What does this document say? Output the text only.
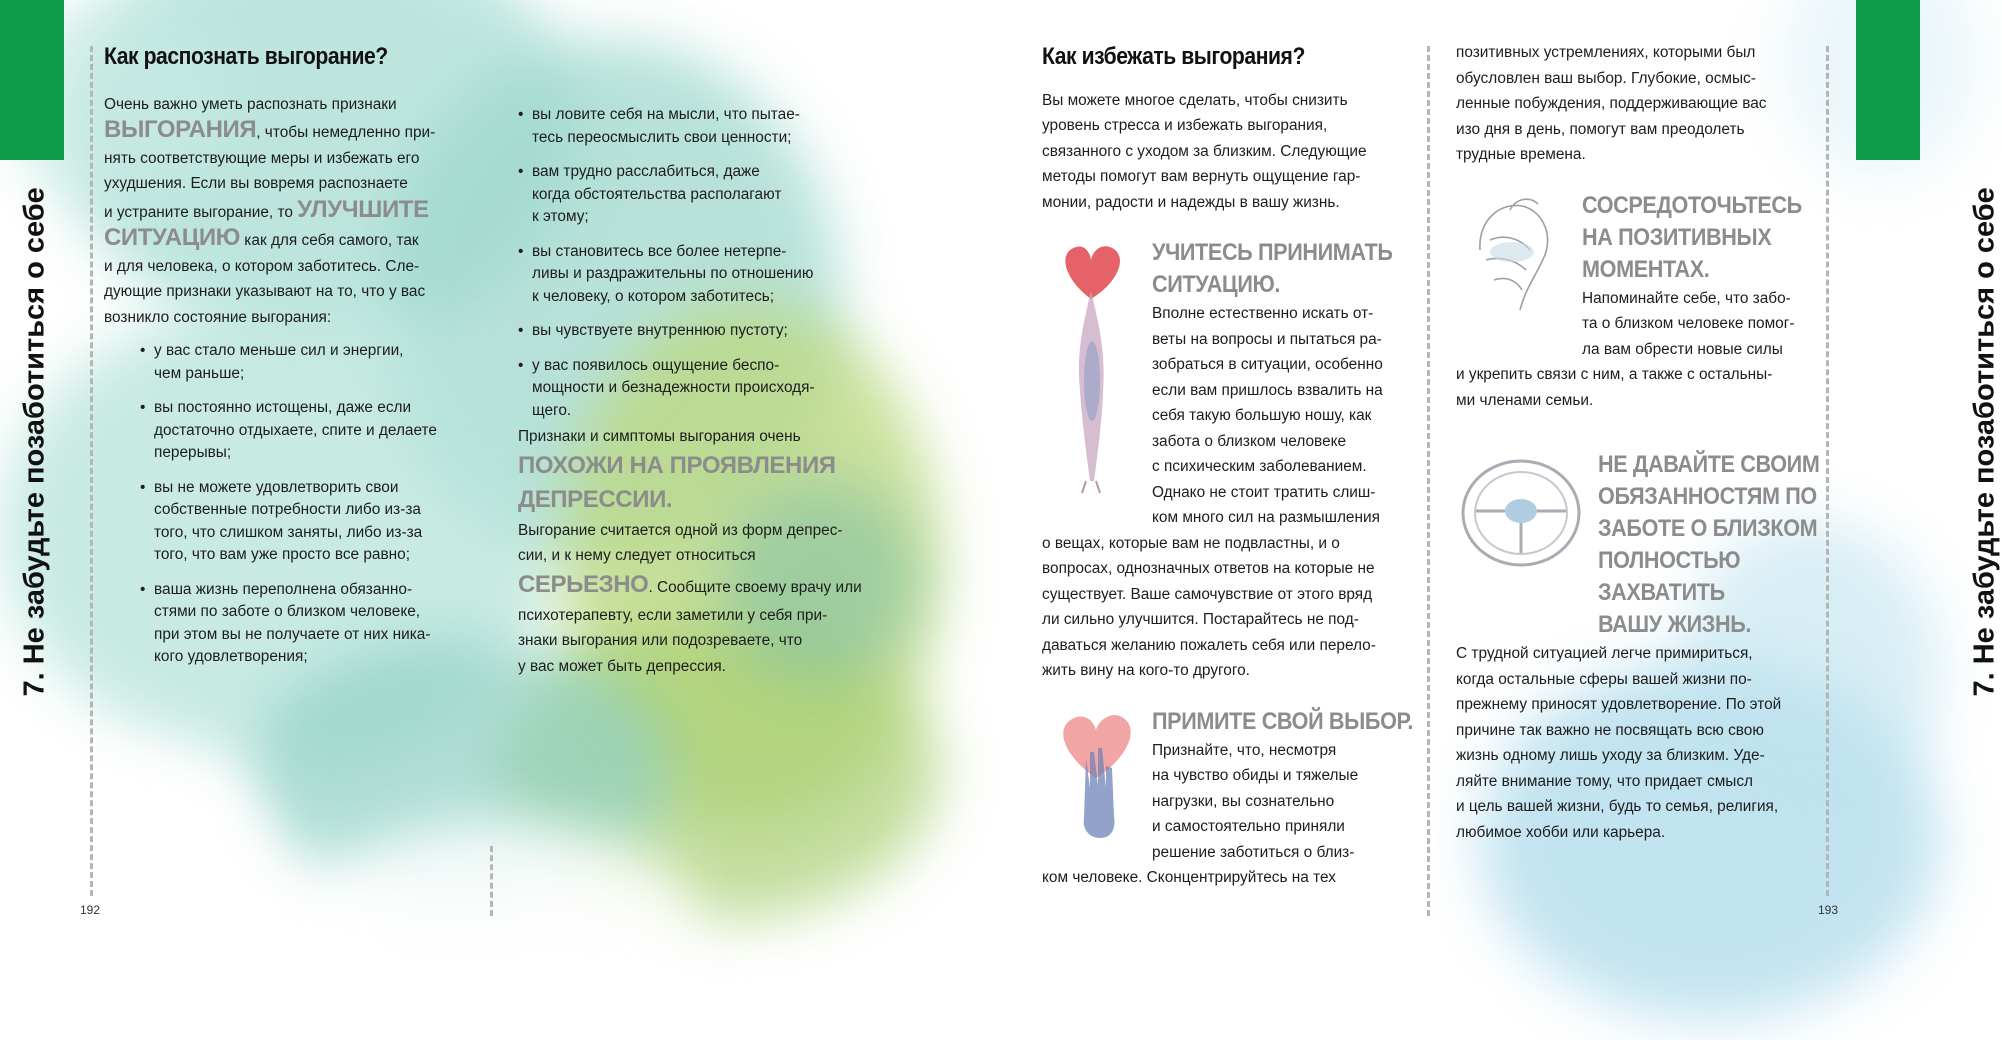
7. Не забудьте позаботиться о себе
Как распознать выгорание?

Очень важно уметь распознать признаки

ВЫГОРАНИЯ, чтобы немедленно при-

нять соответствующие меры и избежать его

ухудшения. Если вы вовремя распознаете

и устраните выгорание, то УЛУЧШИТЕ

СИТУАЦИЮ как для себя самого, так

и для человека, о котором заботитесь. Сле-

дующие признаки указывают на то, что у вас

возникло состояние выгорания:

• у вас стало меньше сил и энергии,
чем раньше;
• вы постоянно истощены, даже если
достаточно отдыхаете, спите и делаете
перерывы;
• вы не можете удовлетворить свои
собственные потребности либо из-за
того, что слишком заняты, либо из-за
того, что вам уже просто все равно;
• ваша жизнь переполнена обязанно-
стями по заботе о близком человеке,
при этом вы не получаете от них ника-
кого удовлетворения;
• вы ловите себя на мысли, что пытае-
тесь переосмыслить свои ценности;
• вам трудно расслабиться, даже
когда обстоятельства располагают
к этому;
• вы становитесь все более нетерпе-
ливы и раздражительны по отношению
к человеку, о котором заботитесь;
• вы чувствуете внутреннюю пустоту;
• у вас появилось ощущение беспо-
мощности и безнадежности происходя-
щего.

Признаки и симптомы выгорания очень

ПОХОЖИ НА ПРОЯВЛЕНИЯ

ДЕПРЕССИИ.

Выгорание считается одной из форм депрес-

сии, и к нему следует относиться

СЕРЬЕЗНО. Сообщите своему врачу или

психотерапевту, если заметили у себя при-

знаки выгорания или подозреваете, что

у вас может быть депрессия.

192
Как избежать выгорания?

Вы можете многое сделать, чтобы снизить

уровень стресса и избежать выгорания,

связанного с уходом за близким. Следующие

методы помогут вам вернуть ощущение гар-

монии, радости и надежды в вашу жизнь.

УЧИТЕСЬ ПРИНИМАТЬ
СИТУАЦИЮ.

Вполне естественно искать от-

веты на вопросы и пытаться ра-

зобраться в ситуации, особенно

если вам пришлось взвалить на

себя такую большую ношу, как

забота о близком человеке

с психическим заболеванием.

Однако не стоит тратить слиш-

ком много сил на размышления

о вещах, которые вам не подвластны, и о

вопросах, однозначных ответов на которые не

существует. Ваше самочувствие от этого вряд

ли сильно улучшится. Постарайтесь не под-

даваться желанию пожалеть себя или перело-

жить вину на кого-то другого.

ПРИМИТЕ СВОЙ ВЫБОР.

Признайте, что, несмотря

на чувство обиды и тяжелые

нагрузки, вы сознательно

и самостоятельно приняли

решение заботиться о близ-

ком человеке. Сконцентрируйтесь на тех

позитивных устремлениях, которыми был

обусловлен ваш выбор. Глубокие, осмыс-

ленные побуждения, поддерживающие вас

изо дня в день, помогут вам преодолеть

трудные времена.

СОСРЕДОТОЧЬТЕСЬ
НА ПОЗИТИВНЫХ
МОМЕНТАХ.

Напоминайте себе, что забо-

та о близком человеке помог-

ла вам обрести новые силы

и укрепить связи с ним, а также с остальны-

ми членами семьи.

НЕ ДАВАЙТЕ СВОИМ
ОБЯЗАННОСТЯМ ПО
ЗАБОТЕ О БЛИЗКОМ
ПОЛНОСТЬЮ
ЗАХВАТИТЬ
ВАШУ ЖИЗНЬ.

С трудной ситуацией легче примириться,

когда остальные сферы вашей жизни по-

прежнему приносят удовлетворение. По этой

причине так важно не посвящать всю свою

жизнь одному лишь уходу за близким. Уде-

ляйте внимание тому, что придает смысл

и цель вашей жизни, будь то семья, религия,

любимое хобби или карьера.

7. Не забудьте позаботиться о себе
193
